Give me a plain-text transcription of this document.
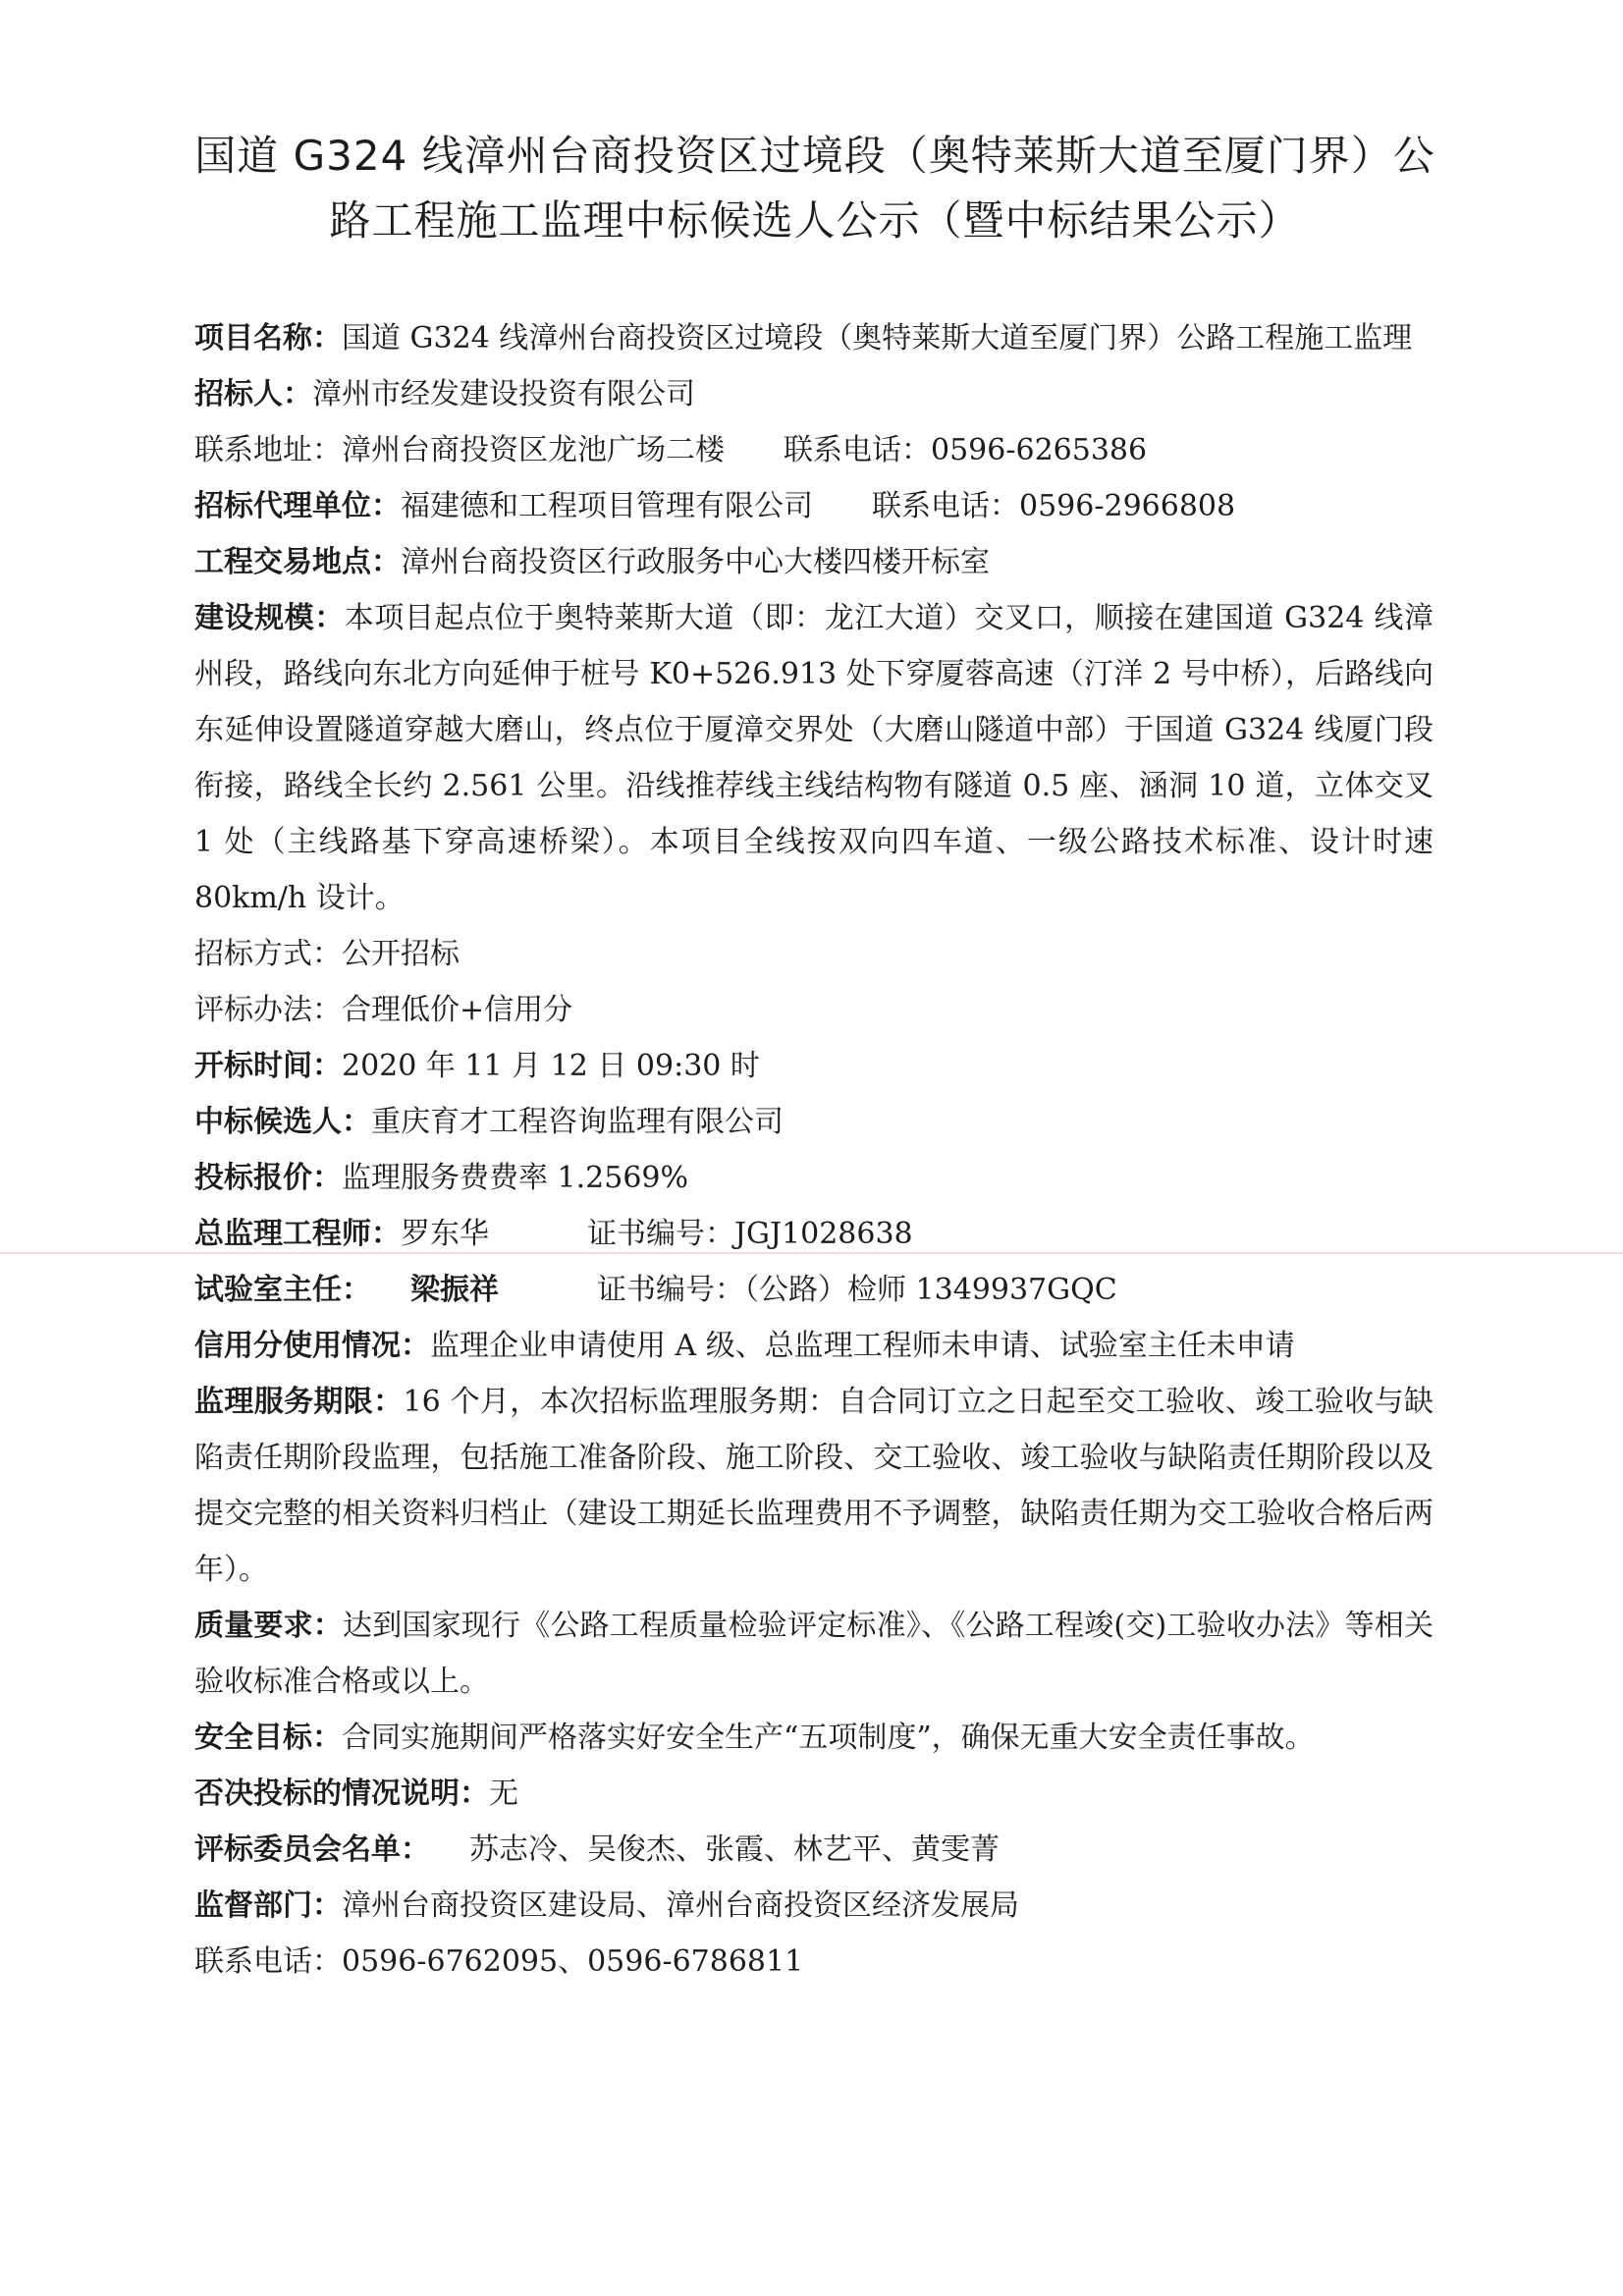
国道 G324 线漳州台商投资区过境段（奥特莱斯大道至厦门界）公
路工程施工监理中标候选人公示（暨中标结果公示）

项目名称：国道 G324 线漳州台商投资区过境段（奥特莱斯大道至厦门界）公路工程施工监理

招标人：漳州市经发建设投资有限公司

联系地址：漳州台商投资区龙池广场二楼 联系电话：0596-6265386

招标代理单位：福建德和工程项目管理有限公司 联系电话：0596-2966808

工程交易地点：漳州台商投资区行政服务中心大楼四楼开标室

建设规模：本项目起点位于奥特莱斯大道（即：龙江大道）交叉口，顺接在建国道 G324 线漳州段，路线向东北方向延伸于桩号 K0+526.913 处下穿厦蓉高速（汀洋 2 号中桥），后路线向东延伸设置隧道穿越大磨山，终点位于厦漳交界处（大磨山隧道中部）于国道 G324 线厦门段衔接，路线全长约 2.561 公里。沿线推荐线主线结构物有隧道 0.5 座、涵洞 10 道，立体交叉 1 处（主线路基下穿高速桥梁）。本项目全线按双向四车道、一级公路技术标准、设计时速 80km/h 设计。

招标方式：公开招标

评标办法：合理低价+信用分

开标时间：2020 年 11 月 12 日 09:30 时

中标候选人：重庆育才工程咨询监理有限公司

投标报价：监理服务费费率 1.2569%

总监理工程师：罗东华	证书编号：JGJ1028638

试验室主任： 梁振祥	证书编号：（公路）检师 1349937GQC

信用分使用情况：监理企业申请使用 A 级、总监理工程师未申请、试验室主任未申请

监理服务期限：16 个月，本次招标监理服务期：自合同订立之日起至交工验收、竣工验收与缺陷责任期阶段监理，包括施工准备阶段、施工阶段、交工验收、竣工验收与缺陷责任期阶段以及提交完整的相关资料归档止（建设工期延长监理费用不予调整，缺陷责任期为交工验收合格后两年）。

质量要求：达到国家现行《公路工程质量检验评定标准》、《公路工程竣(交)工验收办法》等相关验收标准合格或以上。

安全目标：合同实施期间严格落实好安全生产“五项制度”，确保无重大安全责任事故。

否决投标的情况说明：无

评标委员会名单： 苏志冷、吴俊杰、张霞、林艺平、黄雯菁

监督部门：漳州台商投资区建设局、漳州台商投资区经济发展局

联系电话：0596-6762095、0596-6786811
